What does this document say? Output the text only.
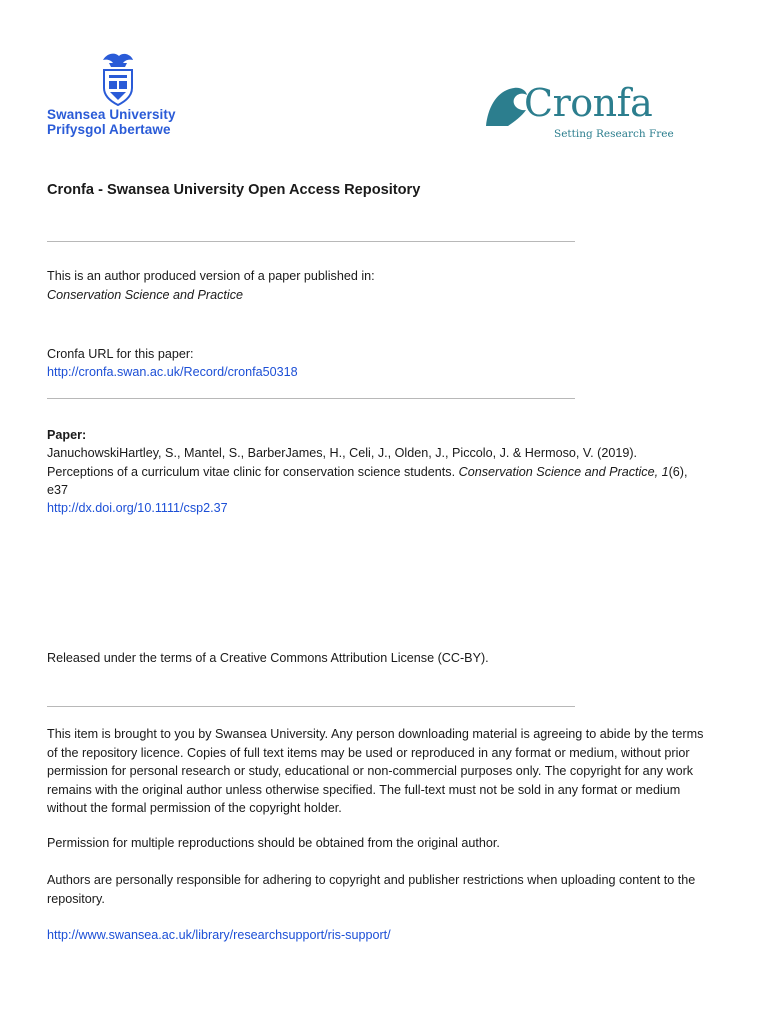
Swansea University
Prifysgol Abertawe
Cronfa
Setting Research Free
Cronfa - Swansea University Open Access Repository
This is an author produced version of a paper published in:
Conservation Science and Practice
Cronfa URL for this paper:
http://cronfa.swan.ac.uk/Record/cronfa50318
Paper:
JanuchowskiHartley, S., Mantel, S., BarberJames, H., Celi, J., Olden, J., Piccolo, J. & Hermoso, V. (2019).
Perceptions of a curriculum vitae clinic for conservation science students. Conservation Science and Practice, 1(6),
e37
http://dx.doi.org/10.1111/csp2.37
Released under the terms of a Creative Commons Attribution License (CC-BY).
This item is brought to you by Swansea University. Any person downloading material is agreeing to abide by the terms
of the repository licence. Copies of full text items may be used or reproduced in any format or medium, without prior
permission for personal research or study, educational or non-commercial purposes only. The copyright for any work
remains with the original author unless otherwise specified. The full-text must not be sold in any format or medium
without the formal permission of the copyright holder.
Permission for multiple reproductions should be obtained from the original author.
Authors are personally responsible for adhering to copyright and publisher restrictions when uploading content to the
repository.
http://www.swansea.ac.uk/library/researchsupport/ris-support/
